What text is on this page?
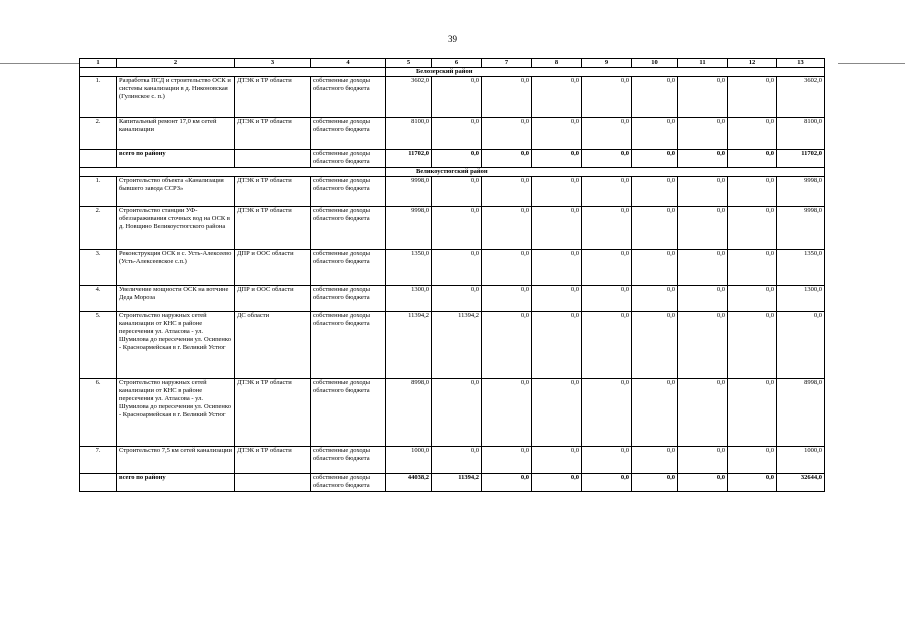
39
1	2	3	4	5	6	7	8	9	10	11	12	13
				Белозерский район								
1.	Разработка ПСД и строительство ОСК и системы канализации в д. Никоновская (Гулинское с. п.)	ДТЭК и ТР области	собственные доходы областного бюджета	3602,0	0,0	0,0	0,0	0,0	0,0	0,0	0,0	3602,0
2.	Капитальный ремонт 17,0 км сетей канализации	ДТЭК и ТР области	собственные доходы областного бюджета	8100,0	0,0	0,0	0,0	0,0	0,0	0,0	0,0	8100,0
	всего по району		собственные доходы областного бюджета	11702,0	0,0	0,0	0,0	0,0	0,0	0,0	0,0	11702,0
				Великоустюгский район								
1.	Строительство объекта «Канализация бывшего завода ССРЗ»	ДТЭК и ТР области	собственные доходы областного бюджета	9998,0	0,0	0,0	0,0	0,0	0,0	0,0	0,0	9998,0
2.	Строительство станции УФ-обеззараживания сточных вод на ОСК в д. Новщино Великоустюгского района	ДТЭК и ТР области	собственные доходы областного бюджета	9998,0	0,0	0,0	0,0	0,0	0,0	0,0	0,0	9998,0
3.	Реконструкция ОСК в с. Усть-Алексеево (Усть-Алексеевское с.п.)	ДПР и ООС области	собственные доходы областного бюджета	1350,0	0,0	0,0	0,0	0,0	0,0	0,0	0,0	1350,0
4.	Увеличение мощности ОСК на вотчине Деда Мороза	ДПР и ООС области	собственные доходы областного бюджета	1300,0	0,0	0,0	0,0	0,0	0,0	0,0	0,0	1300,0
5.	Строительство наружных сетей канализации от КНС в районе пересечения ул. Атласова - ул. Шумилова до пересечения ул. Осипенко - Красноармейская в г. Великий Устюг	ДС области	собственные доходы областного бюджета	11394,2	11394,2	0,0	0,0	0,0	0,0	0,0	0,0	0,0
6.	Строительство наружных сетей канализации от КНС в районе пересечения ул. Атласова - ул. Шумилова до пересечения ул. Осипенко - Красноармейская в г. Великий Устюг	ДТЭК и ТР области	собственные доходы областного бюджета	8998,0	0,0	0,0	0,0	0,0	0,0	0,0	0,0	8998,0
7.	Строительство 7,5 км сетей канализации	ДТЭК и ТР области	собственные доходы областного бюджета	1000,0	0,0	0,0	0,0	0,0	0,0	0,0	0,0	1000,0
	всего по району		собственные доходы областного бюджета	44038,2	11394,2	0,0	0,0	0,0	0,0	0,0	0,0	32644,0
